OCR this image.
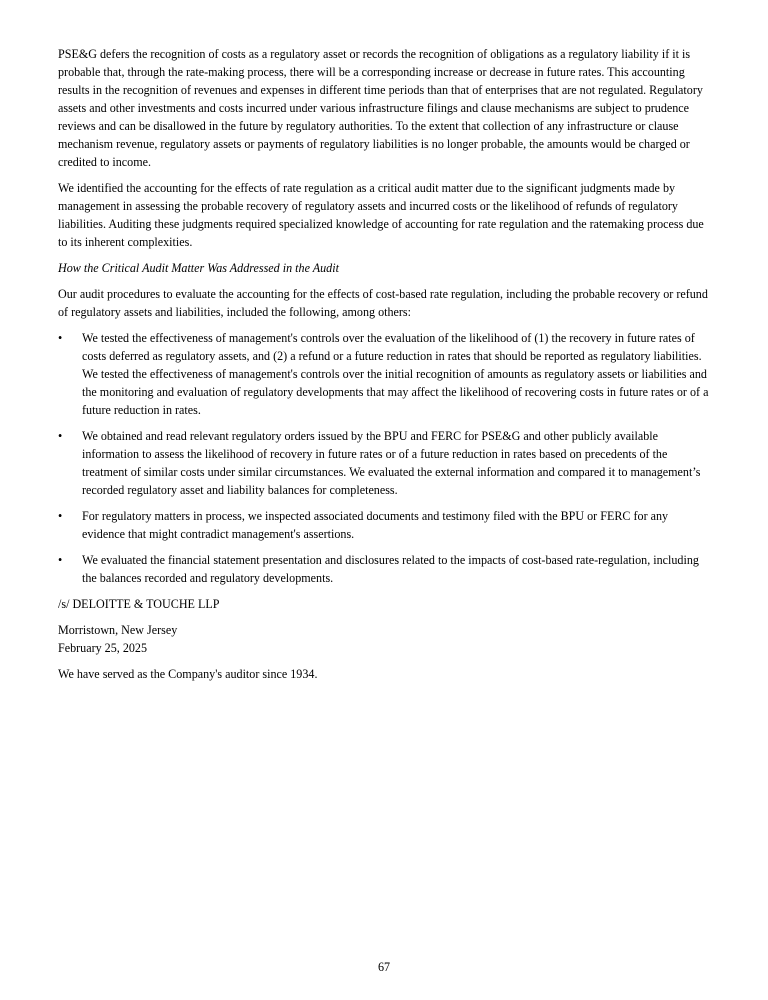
PSE&G defers the recognition of costs as a regulatory asset or records the recognition of obligations as a regulatory liability if it is probable that, through the rate-making process, there will be a corresponding increase or decrease in future rates. This accounting results in the recognition of revenues and expenses in different time periods than that of enterprises that are not regulated. Regulatory assets and other investments and costs incurred under various infrastructure filings and clause mechanisms are subject to prudence reviews and can be disallowed in the future by regulatory authorities. To the extent that collection of any infrastructure or clause mechanism revenue, regulatory assets or payments of regulatory liabilities is no longer probable, the amounts would be charged or credited to income.

We identified the accounting for the effects of rate regulation as a critical audit matter due to the significant judgments made by management in assessing the probable recovery of regulatory assets and incurred costs or the likelihood of refunds of regulatory liabilities. Auditing these judgments required specialized knowledge of accounting for rate regulation and the ratemaking process due to its inherent complexities.

How the Critical Audit Matter Was Addressed in the Audit

Our audit procedures to evaluate the accounting for the effects of cost-based rate regulation, including the probable recovery or refund of regulatory assets and liabilities, included the following, among others:

•	We tested the effectiveness of management's controls over the evaluation of the likelihood of (1) the recovery in future rates of costs deferred as regulatory assets, and (2) a refund or a future reduction in rates that should be reported as regulatory liabilities. We tested the effectiveness of management's controls over the initial recognition of amounts as regulatory assets or liabilities and the monitoring and evaluation of regulatory developments that may affect the likelihood of recovering costs in future rates or of a future reduction in rates.
•	We obtained and read relevant regulatory orders issued by the BPU and FERC for PSE&G and other publicly available information to assess the likelihood of recovery in future rates or of a future reduction in rates based on precedents of the treatment of similar costs under similar circumstances. We evaluated the external information and compared it to management’s recorded regulatory asset and liability balances for completeness.
•	For regulatory matters in process, we inspected associated documents and testimony filed with the BPU or FERC for any evidence that might contradict management's assertions.
•	We evaluated the financial statement presentation and disclosures related to the impacts of cost-based rate-regulation, including the balances recorded and regulatory developments.

/s/ DELOITTE & TOUCHE LLP

Morristown, New Jersey

February 25, 2025

We have served as the Company's auditor since 1934.

67
